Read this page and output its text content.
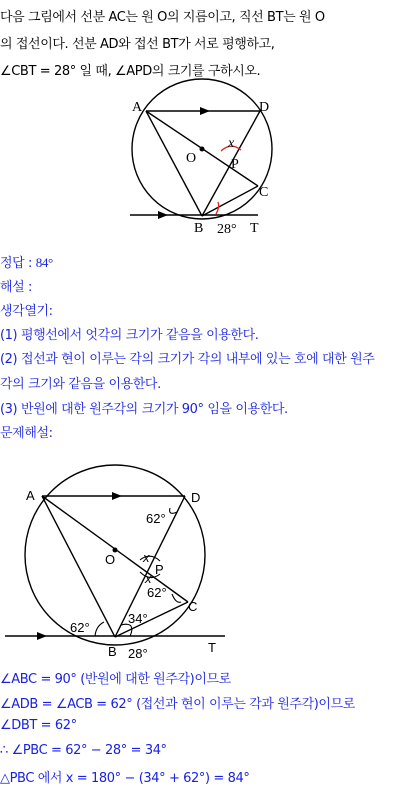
다음 그림에서 선분 AC는 원 O의 지름이고, 직선 BT는 원 O
의 접선이다. 선분 AD와 접선 BT가 서로 평행하고,
∠CBT = 28° 일 때, ∠APD의 크기를 구하시오.
A	D
O
x
P
C
B	T
28°
정답 : 84°
해설 :
생각열기:
(1) 평행선에서 엇각의 크기가 같음을 이용한다.
(2) 접선과 현이 이루는 각의 크기가 각의 내부에 있는 호에 대한 원주
각의 크기와 같음을 이용한다.
(3) 반원에 대한 원주각의 크기가 90° 임을 이용한다.
문제해설:
A	D
O x
P
x
C
B	T
62°
62°
62°
34°
28°
∠ABC = 90° (반원에 대한 원주각)이므로
∠ADB = ∠ACB = 62° (접선과 현이 이루는 각과 원주각)이므로
∠DBT = 62°
∴ ∠PBC = 62° − 28° = 34°
△PBC 에서 x = 180° − (34° + 62°) = 84°
